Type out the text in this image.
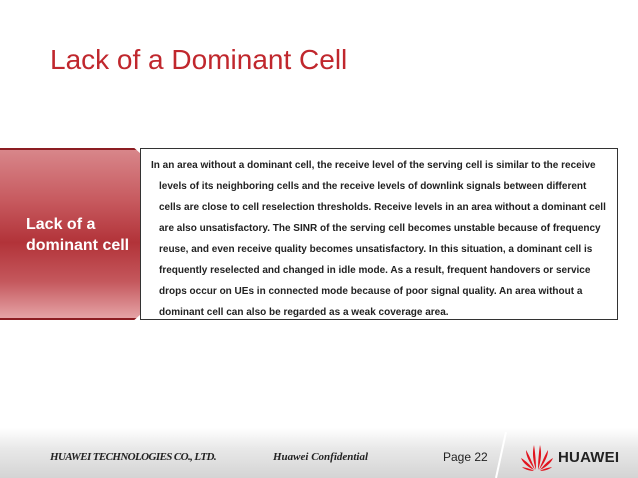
Lack of a Dominant Cell
Lack of a dominant cell

In an area without a dominant cell, the receive level of the serving cell is similar to the receive levels of its neighboring cells and the receive levels of downlink signals between different cells are close to cell reselection thresholds. Receive levels in an area without a dominant cell are also unsatisfactory. The SINR of the serving cell becomes unstable because of frequency reuse, and even receive quality becomes unsatisfactory. In this situation, a dominant cell is frequently reselected and changed in idle mode. As a result, frequent handovers or service drops occur on UEs in connected mode because of poor signal quality. An area without a dominant cell can also be regarded as a weak coverage area.

HUAWEI TECHNOLOGIES CO., LTD.	Huawei Confidential	Page 22	HUAWEI
